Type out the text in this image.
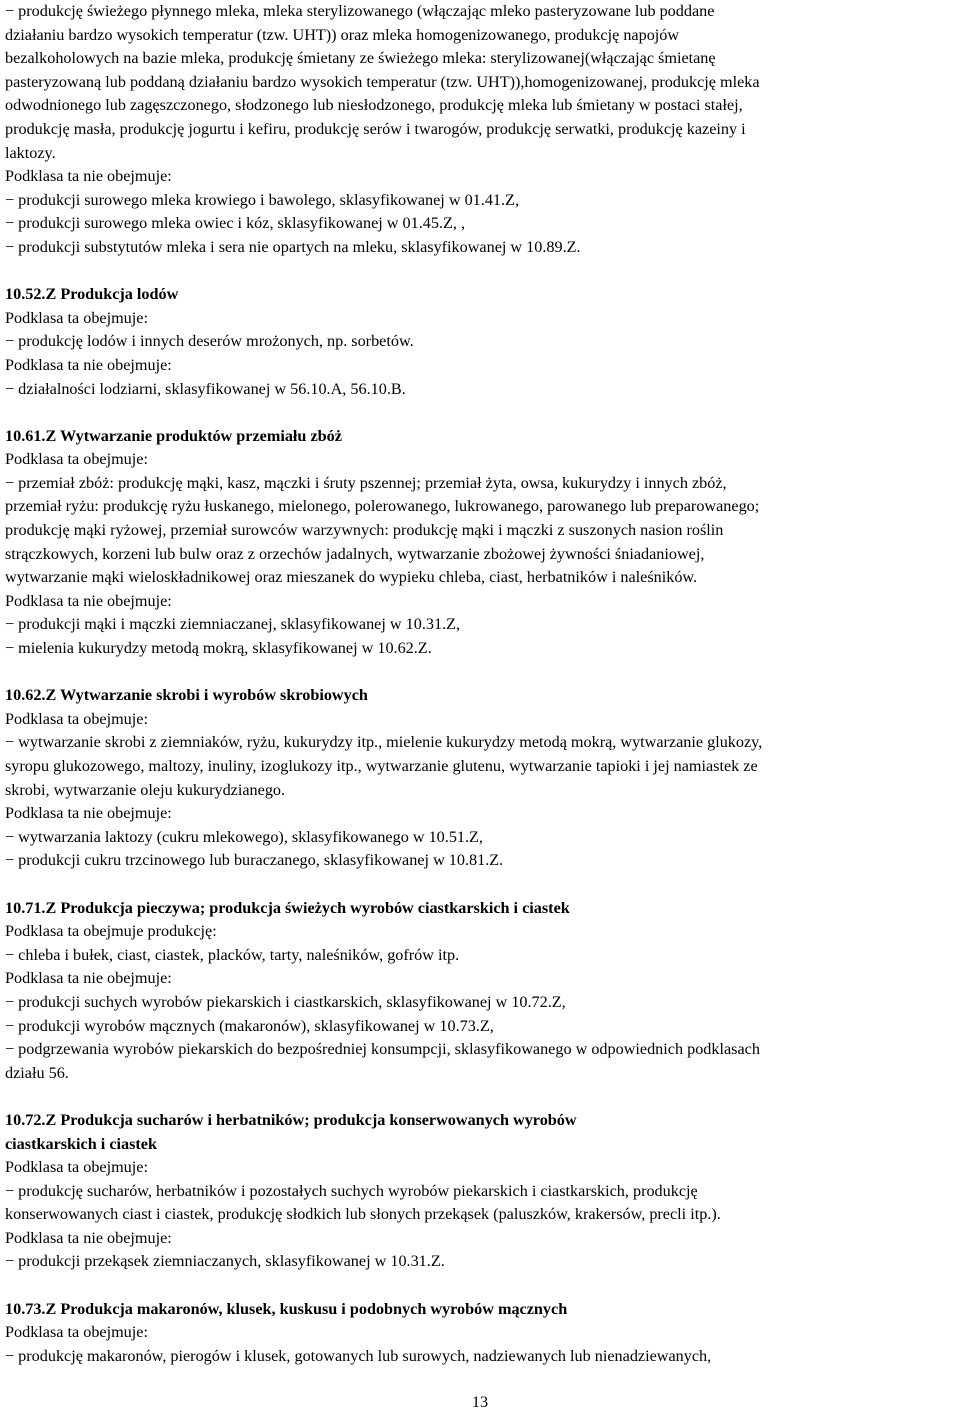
− produkcję świeżego płynnego mleka, mleka sterylizowanego (włączając mleko pasteryzowane lub poddane
działaniu bardzo wysokich temperatur (tzw. UHT)) oraz mleka homogenizowanego, produkcję napojów
bezalkoholowych na bazie mleka, produkcję śmietany ze świeżego mleka: sterylizowanej(włączając śmietanę
pasteryzowaną lub poddaną działaniu bardzo wysokich temperatur (tzw. UHT)),homogenizowanej, produkcję mleka
odwodnionego lub zagęszczonego, słodzonego lub niesłodzonego, produkcję mleka lub śmietany w postaci stałej,
produkcję masła, produkcję jogurtu i kefiru, produkcję serów i twarogów, produkcję serwatki, produkcję kazeiny i
laktozy.
Podklasa ta nie obejmuje:
− produkcji surowego mleka krowiego i bawolego, sklasyfikowanej w 01.41.Z,
− produkcji surowego mleka owiec i kóz, sklasyfikowanej w 01.45.Z, ,
− produkcji substytutów mleka i sera nie opartych na mleku, sklasyfikowanej w 10.89.Z.
10.52.Z Produkcja lodów
Podklasa ta obejmuje:
− produkcję lodów i innych deserów mrożonych, np. sorbetów.
Podklasa ta nie obejmuje:
− działalności lodziarni, sklasyfikowanej w 56.10.A, 56.10.B.
10.61.Z Wytwarzanie produktów przemiału zbóż
Podklasa ta obejmuje:
− przemiał zbóż: produkcję mąki, kasz, mączki i śruty pszennej; przemiał żyta, owsa, kukurydzy i innych zbóż,
przemiał ryżu: produkcję ryżu łuskanego, mielonego, polerowanego, lukrowanego, parowanego lub preparowanego;
produkcję mąki ryżowej, przemiał surowców warzywnych: produkcję mąki i mączki z suszonych nasion roślin
strączkowych, korzeni lub bulw oraz z orzechów jadalnych, wytwarzanie zbożowej żywności śniadaniowej,
wytwarzanie mąki wieloskładnikowej oraz mieszanek do wypieku chleba, ciast, herbatników i naleśników.
Podklasa ta nie obejmuje:
− produkcji mąki i mączki ziemniaczanej, sklasyfikowanej w 10.31.Z,
− mielenia kukurydzy metodą mokrą, sklasyfikowanej w 10.62.Z.
10.62.Z Wytwarzanie skrobi i wyrobów skrobiowych
Podklasa ta obejmuje:
− wytwarzanie skrobi z ziemniaków, ryżu, kukurydzy itp., mielenie kukurydzy metodą mokrą, wytwarzanie glukozy,
syropu glukozowego, maltozy, inuliny, izoglukozy itp., wytwarzanie glutenu, wytwarzanie tapioki i jej namiastek ze
skrobi, wytwarzanie oleju kukurydzianego.
Podklasa ta nie obejmuje:
− wytwarzania laktozy (cukru mlekowego), sklasyfikowanego w 10.51.Z,
− produkcji cukru trzcinowego lub buraczanego, sklasyfikowanej w 10.81.Z.
10.71.Z Produkcja pieczywa; produkcja świeżych wyrobów ciastkarskich i ciastek
Podklasa ta obejmuje produkcję:
− chleba i bułek, ciast, ciastek, placków, tarty, naleśników, gofrów itp.
Podklasa ta nie obejmuje:
− produkcji suchych wyrobów piekarskich i ciastkarskich, sklasyfikowanej w 10.72.Z,
− produkcji wyrobów mącznych (makaronów), sklasyfikowanej w 10.73.Z,
− podgrzewania wyrobów piekarskich do bezpośredniej konsumpcji, sklasyfikowanego w odpowiednich podklasach
działu 56.
10.72.Z Produkcja sucharów i herbatników; produkcja konserwowanych wyrobów
ciastkarskich i ciastek
Podklasa ta obejmuje:
− produkcję sucharów, herbatników i pozostałych suchych wyrobów piekarskich i ciastkarskich, produkcję
konserwowanych ciast i ciastek, produkcję słodkich lub słonych przekąsek (paluszków, krakersów, precli itp.).
Podklasa ta nie obejmuje:
− produkcji przekąsek ziemniaczanych, sklasyfikowanej w 10.31.Z.
10.73.Z Produkcja makaronów, klusek, kuskusu i podobnych wyrobów mącznych
Podklasa ta obejmuje:
− produkcję makaronów, pierogów i klusek, gotowanych lub surowych, nadziewanych lub nienadziewanych,
13
